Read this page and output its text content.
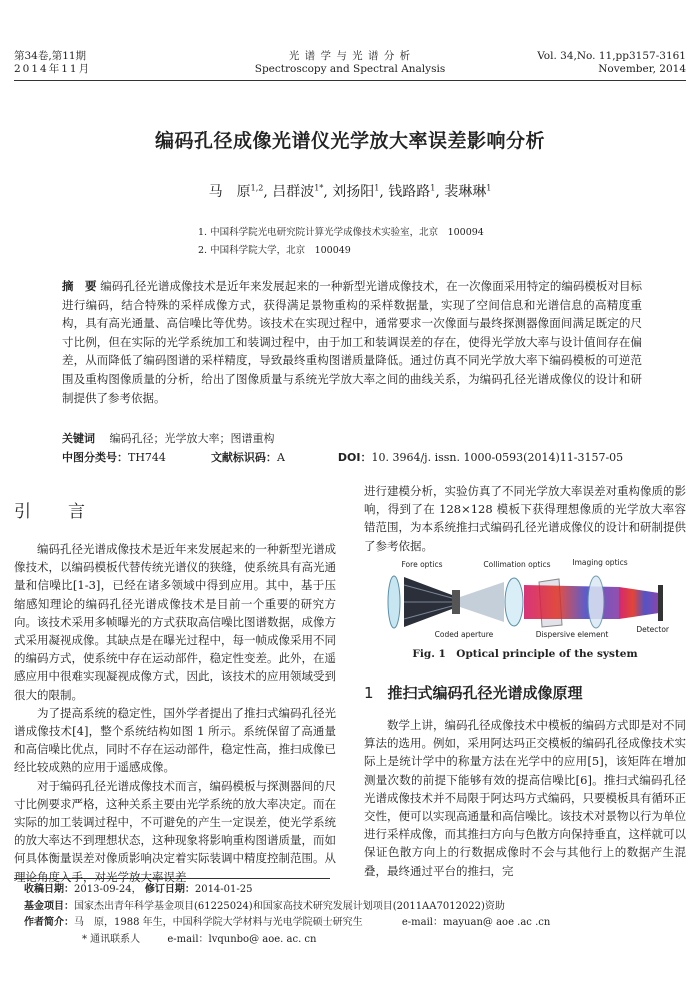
第34卷,第11期
2014年11月
光 谱 学 与 光 谱 分 析
Spectroscopy and Spectral Analysis
Vol. 34,No. 11,pp3157-3161
November, 2014
编码孔径成像光谱仪光学放大率误差影响分析
马　原$^{1,2}$, 吕群波$^{1*}$, 刘扬阳$^1$, 钱路路$^1$, 裴琳琳$^1$
1. 中国科学院光电研究院计算光学成像技术实验室，北京　100094
2. 中国科学院大学，北京　100049
摘　要 编码孔径光谱成像技术是近年来发展起来的一种新型光谱成像技术，在一次像面采用特定的编码模板对目标进行编码，结合特殊的采样成像方式，获得满足景物重构的采样数据量，实现了空间信息和光谱信息的高精度重构，具有高光通量、高信噪比等优势。该技术在实现过程中，通常要求一次像面与最终探测器像面间满足既定的尺寸比例，但在实际的光学系统加工和装调过程中，由于加工和装调误差的存在，使得光学放大率与设计值间存在偏差，从而降低了编码图谱的采样精度，导致最终重构图谱质量降低。通过仿真不同光学放大率下编码模板的可逆范围及重构图像质量的分析，给出了图像质量与系统光学放大率之间的曲线关系，为编码孔径光谱成像仪的设计和研制提供了参考依据。
关键词　 编码孔径；光学放大率；图谱重构
中图分类号：TH744	文献标识码：A	DOI：10. 3964/j. issn. 1000-0593(2014)11-3157-05
引　言

编码孔径光谱成像技术是近年来发展起来的一种新型光谱成像技术，以编码模板代替传统光谱仪的狭缝，使系统具有高光通量和信噪比[1-3]，已经在诸多领域中得到应用。其中，基于压缩感知理论的编码孔径光谱成像技术是目前一个重要的研究方向。该技术采用多帧曝光的方式获取高信噪比图谱数据，成像方式采用凝视成像。其缺点是在曝光过程中，每一帧成像采用不同的编码方式，使系统中存在运动部件，稳定性变差。此外，在遥感应用中很难实现凝视成像方式，因此，该技术的应用领域受到很大的限制。

为了提高系统的稳定性，国外学者提出了推扫式编码孔径光谱成像技术[4]，整个系统结构如图 1 所示。系统保留了高通量和高信噪比优点，同时不存在运动部件，稳定性高，推扫成像已经比较成熟的应用于遥感成像。

对于编码孔径光谱成像技术而言，编码模板与探测器间的尺寸比例要求严格，这种关系主要由光学系统的放大率决定。而在实际的加工装调过程中，不可避免的产生一定误差，使光学系统的放大率达不到理想状态，这种现象将影响重构图谱质量，而如何具体衡量误差对像质影响决定着实际装调中精度控制范围。从理论角度入手，对光学放大率误差

进行建模分析，实验仿真了不同光学放大率误差对重构像质的影响，得到了在 128×128 模板下获得理想像质的光学放大率容错范围，为本系统推扫式编码孔径光谱成像仪的设计和研制提供了参考依据。

Fore optics	Collimation optics	Imaging optics
Coded aperture	Dispersive element
Detector
Fig. 1　Optical principle of the system
1 推扫式编码孔径光谱成像原理

数学上讲，编码孔径成像技术中模板的编码方式即是对不同算法的选用。例如，采用阿达玛正交模板的编码孔径成像技术实际上是统计学中的称量方法在光学中的应用[5]，该矩阵在增加测量次数的前提下能够有效的提高信噪比[6]。推扫式编码孔径光谱成像技术并不局限于阿达玛方式编码，只要模板具有循环正交性，便可以实现高通量和高信噪比。该技术对景物以行为单位进行采样成像，而其推扫方向与色散方向保持垂直，这样就可以保证色散方向上的行数据成像时不会与其他行上的数据产生混叠，最终通过平台的推扫，完

收稿日期：2013-09-24， 修订日期：2014-01-25
基金项目：国家杰出青年科学基金项目(61225024)和国家高技术研究发展计划项目(2011AA7012022)资助
作者简介：马　原，1988 年生，中国科学院大学材料与光电学院硕士研究生	e-mail：mayuan@ aoe .ac .cn
* 通讯联系人	e-mail：lvqunbo@ aoe. ac. cn
